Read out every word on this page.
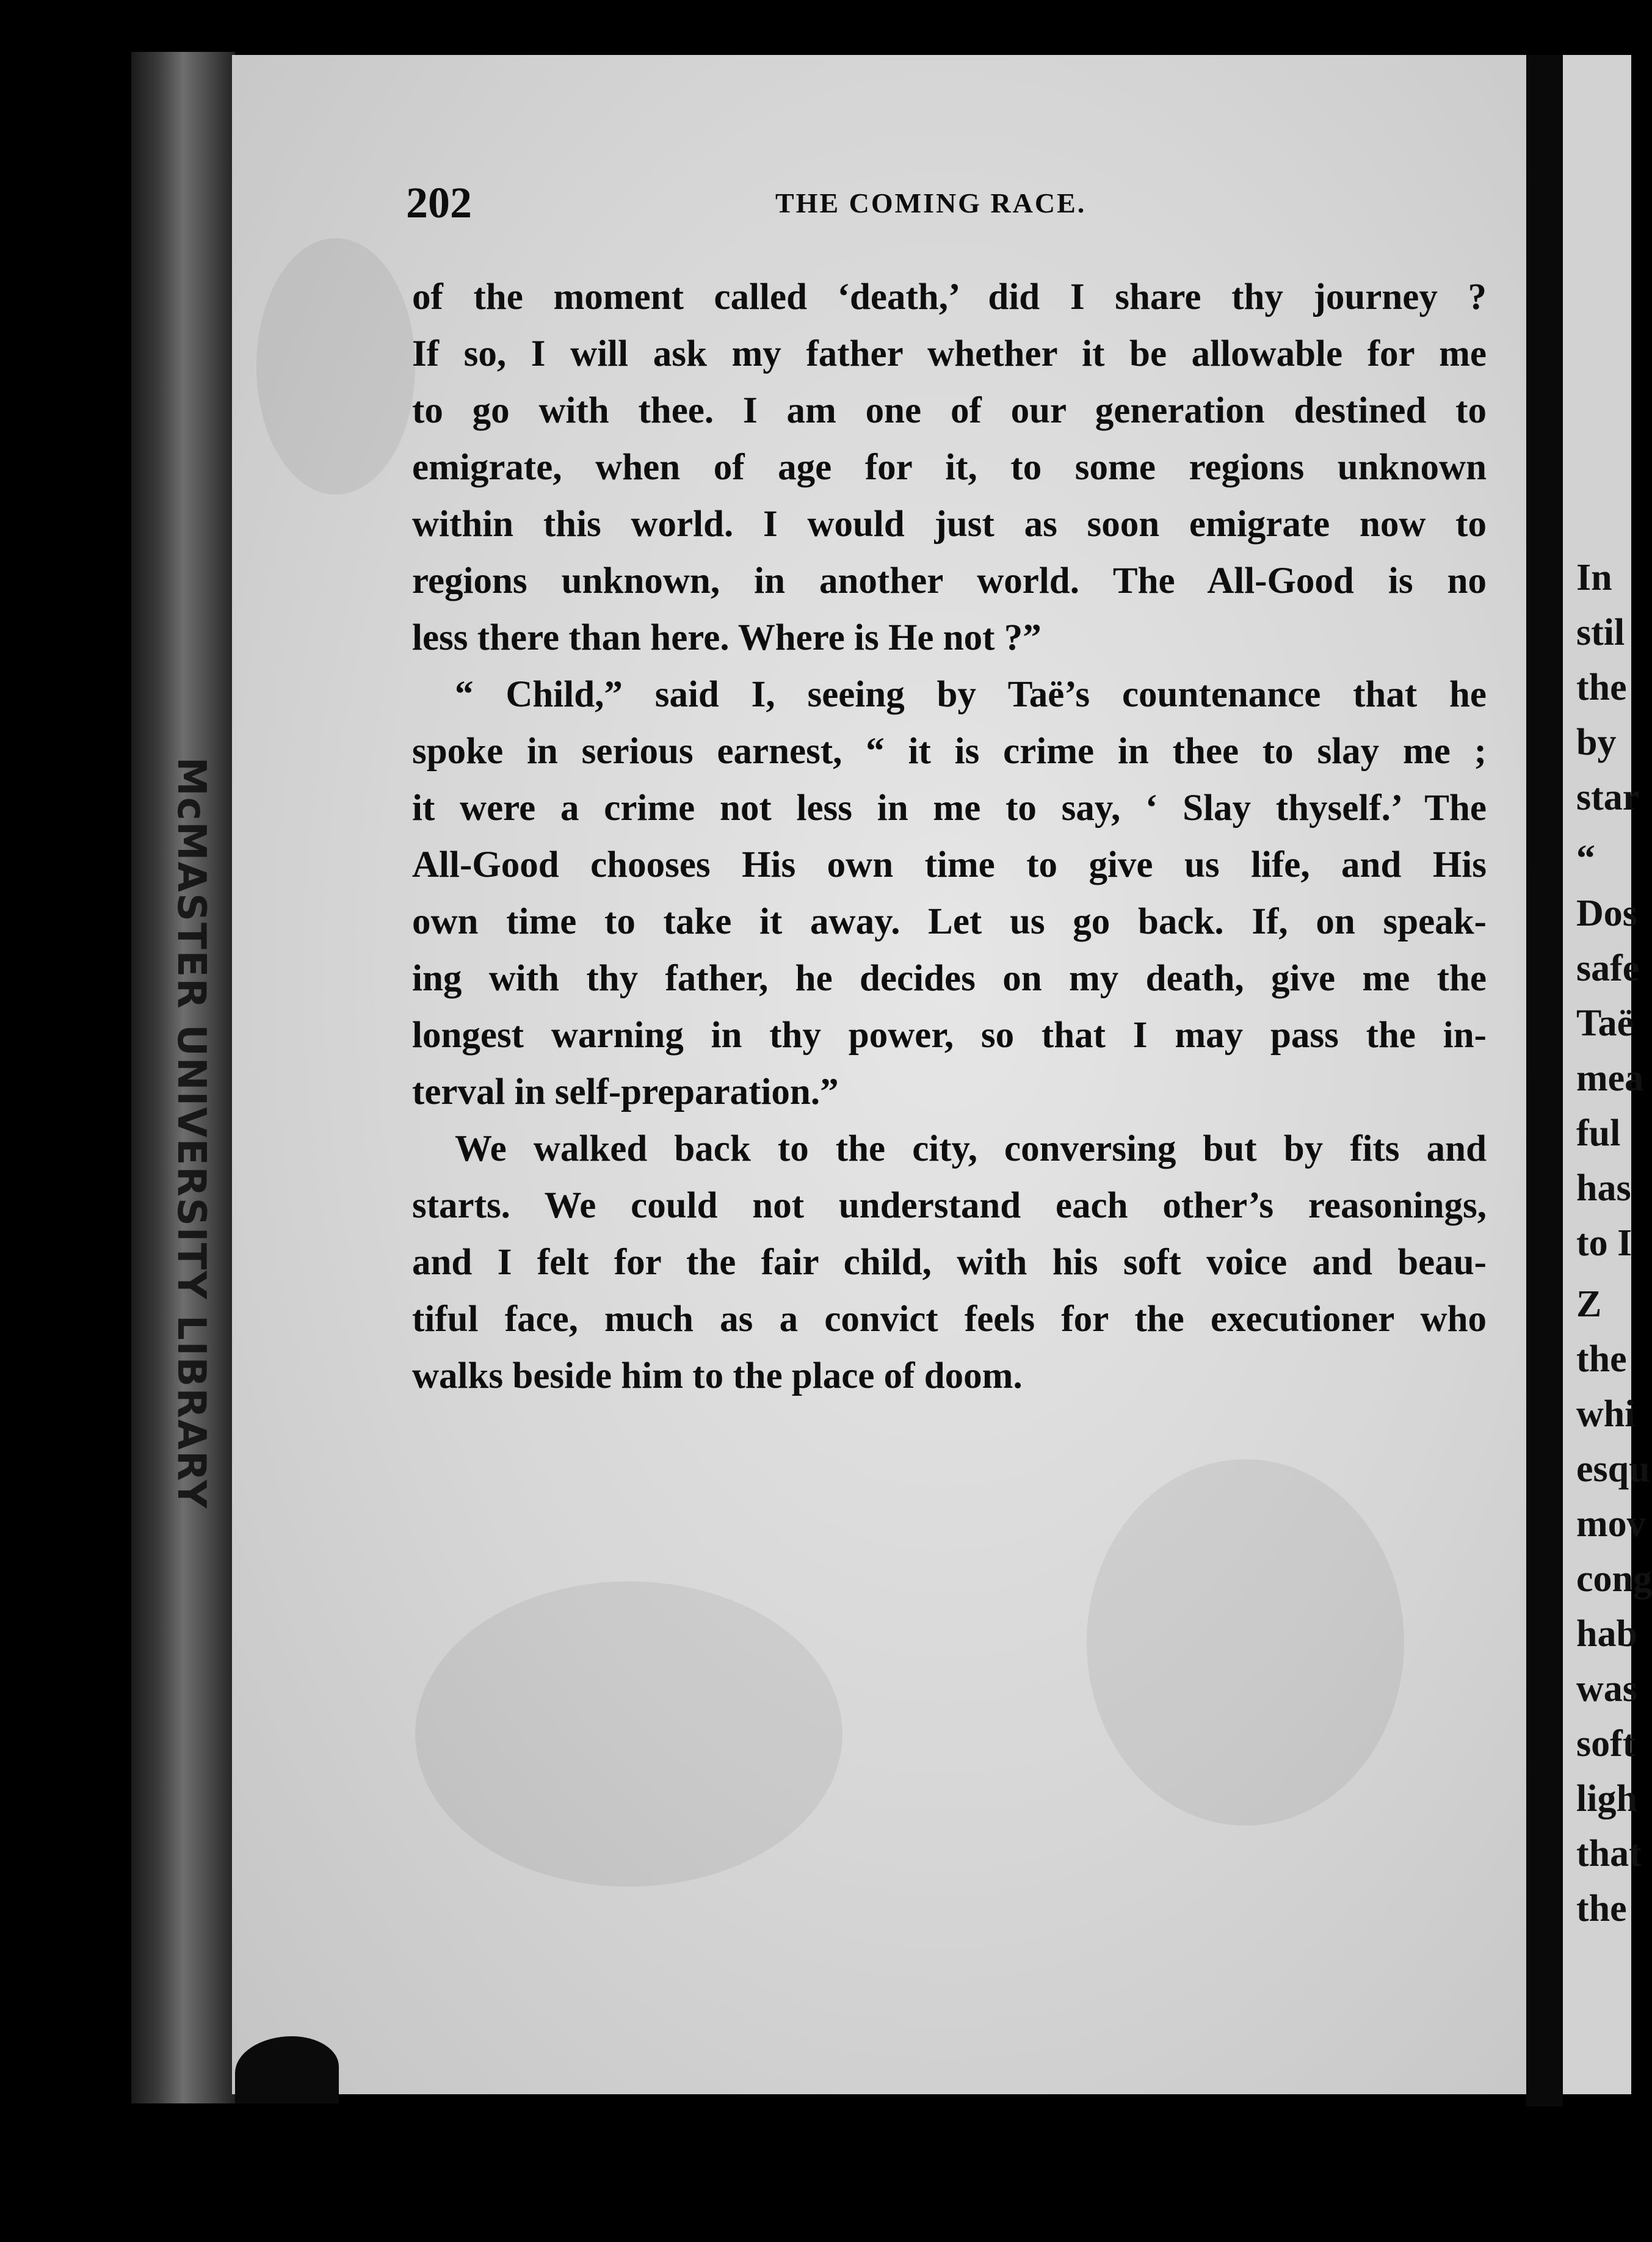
McMASTER UNIVERSITY LIBRARY
In
stil
the
by
star
“
Dos
safe
Taë
mea
ful
has
to I
Z
the
whi
esqu
mov
cong
hab
was
soft
ligh
that
the
202	THE COMING RACE.
of the moment called ‘death,’ did I share thy journey ?
If so, I will ask my father whether it be allowable for me
to go with thee. I am one of our generation destined to
emigrate, when of age for it, to some regions unknown
within this world. I would just as soon emigrate now to
regions unknown, in another world. The All-Good is no
less there than here. Where is He not ?”
“ Child,” said I, seeing by Taë’s countenance that he
spoke in serious earnest, “ it is crime in thee to slay me ;
it were a crime not less in me to say, ‘ Slay thyself.’ The
All-Good chooses His own time to give us life, and His
own time to take it away. Let us go back. If, on speak-
ing with thy father, he decides on my death, give me the
longest warning in thy power, so that I may pass the in-
terval in self-preparation.”
We walked back to the city, conversing but by fits and
starts. We could not understand each other’s reasonings,
and I felt for the fair child, with his soft voice and beau-
tiful face, much as a convict feels for the executioner who
walks beside him to the place of doom.
